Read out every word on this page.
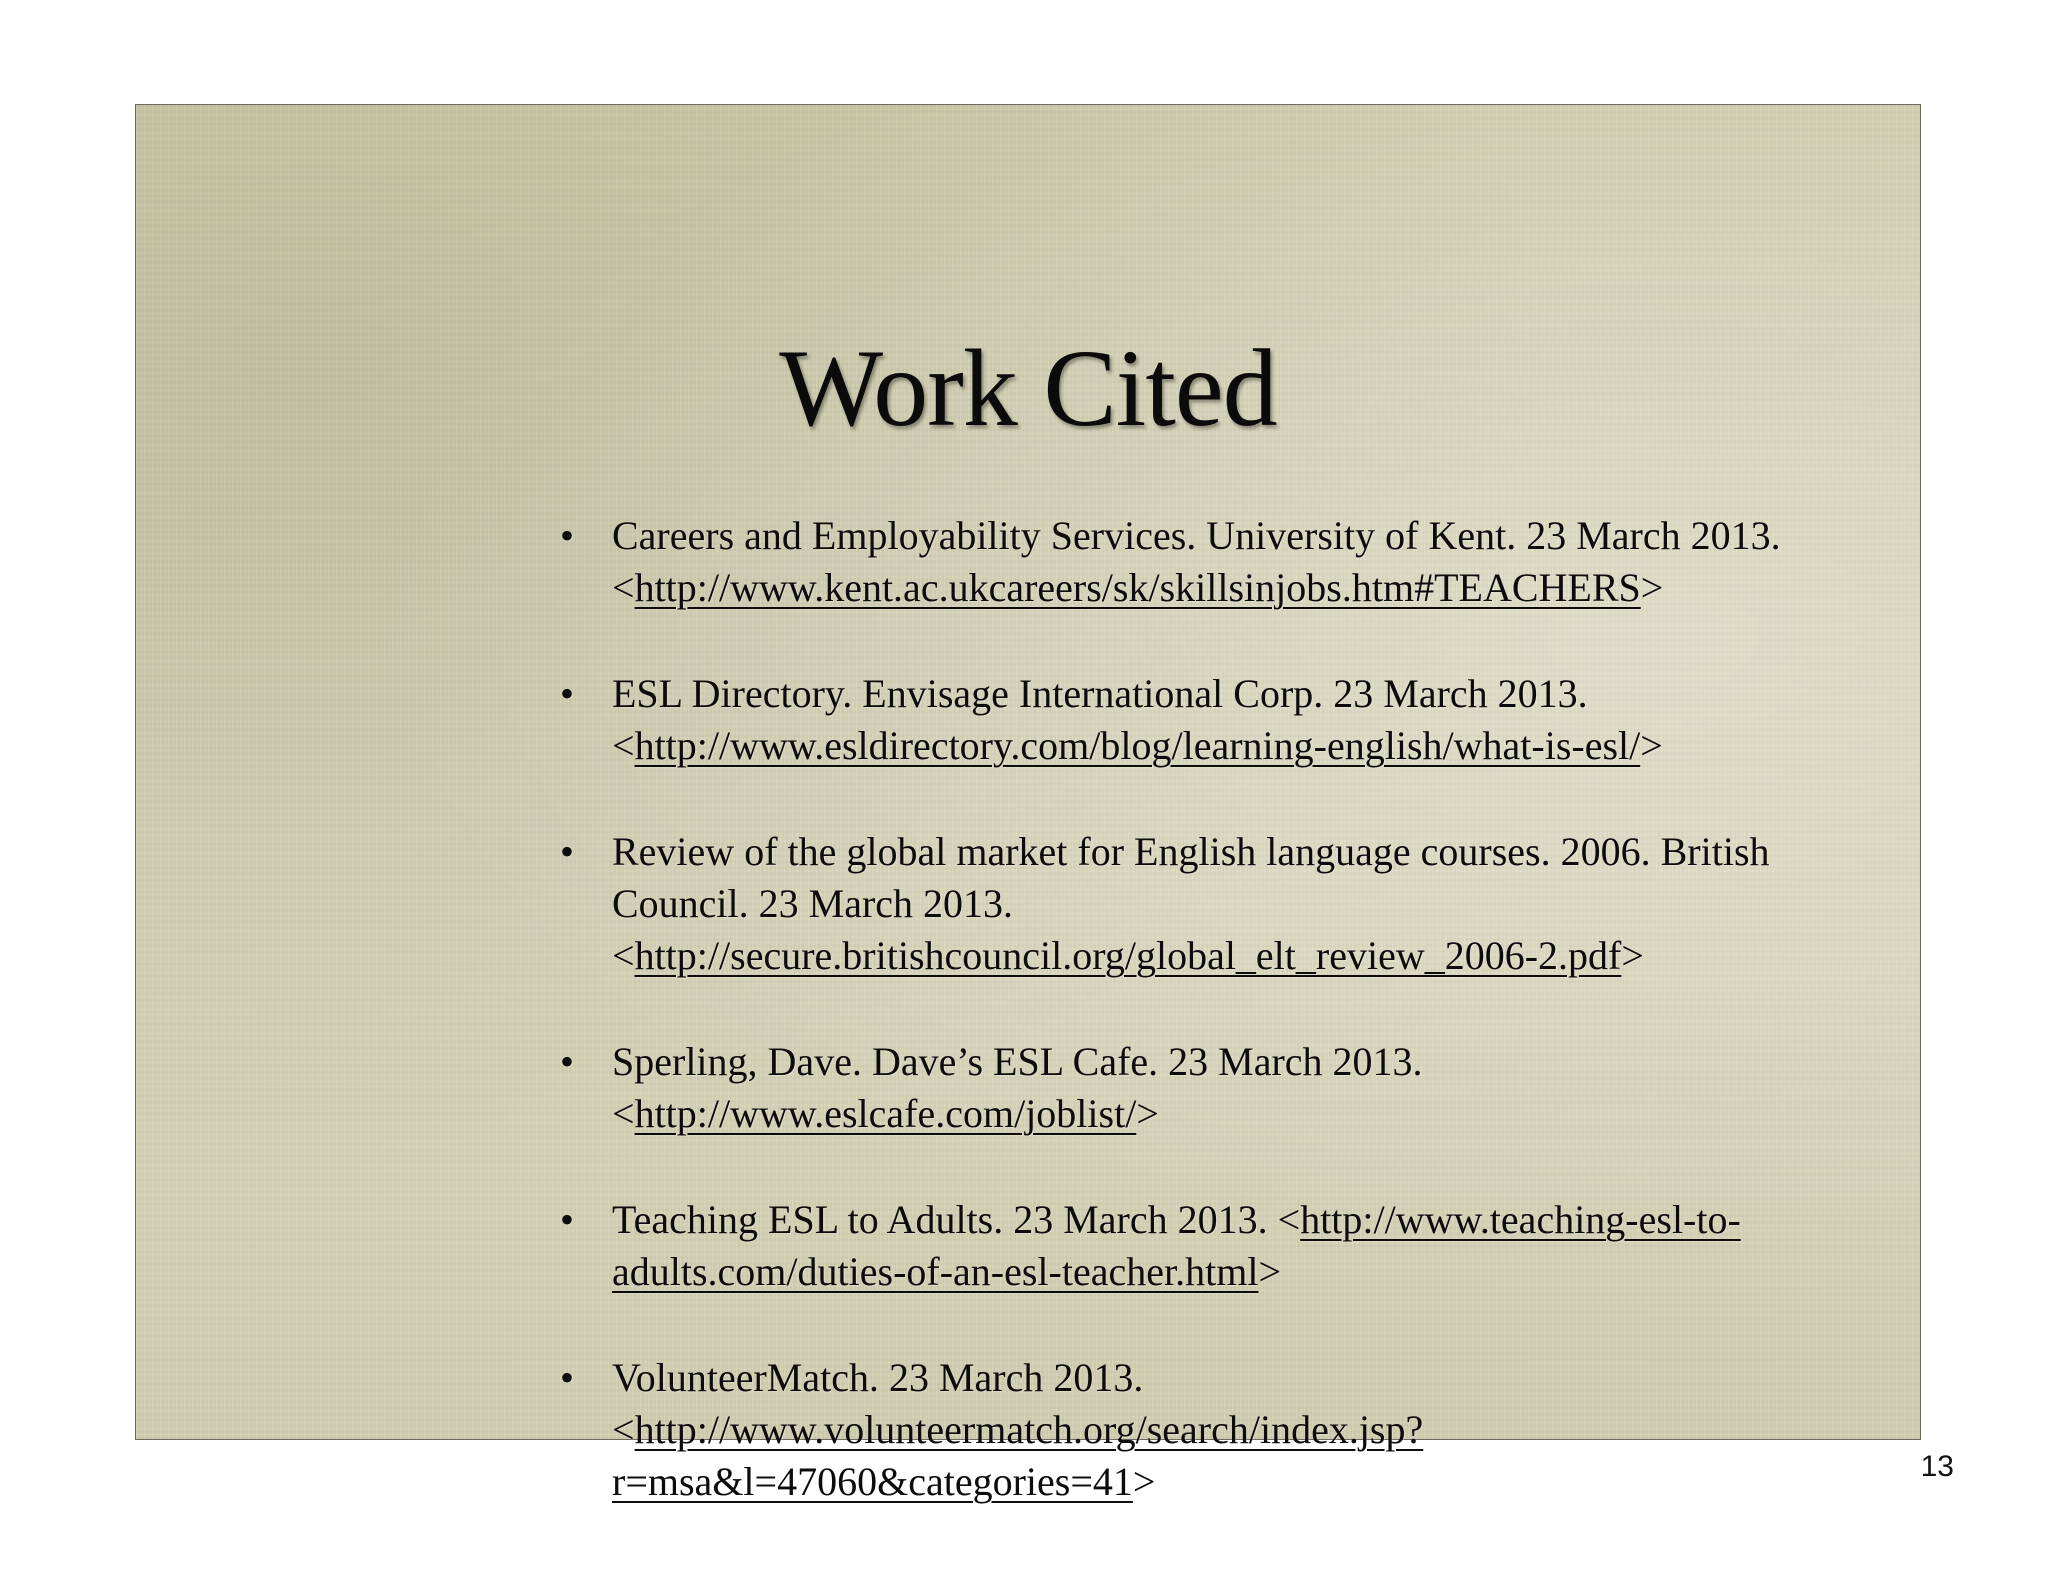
Work Cited
• Careers and Employability Services. University of Kent. 23 March 2013. <http://www.kent.ac.ukcareers/sk/skillsinjobs.htm#TEACHERS>
• ESL Directory. Envisage International Corp. 23 March 2013. <http://www.esldirectory.com/blog/learning-english/what-is-esl/>
• Review of the global market for English language courses. 2006. British Council. 23 March 2013. <http://secure.britishcouncil.org/global_elt_review_2006-2.pdf>
• Sperling, Dave. Dave’s ESL Cafe. 23 March 2013. <http://www.eslcafe.com/joblist/>
• Teaching ESL to Adults. 23 March 2013. <http://www.teaching-esl-to-adults.com/duties-of-an-esl-teacher.html>
• VolunteerMatch. 23 March 2013. <http://www.volunteermatch.org/search/index.jsp?r=msa&l=47060&categories=41>	13
